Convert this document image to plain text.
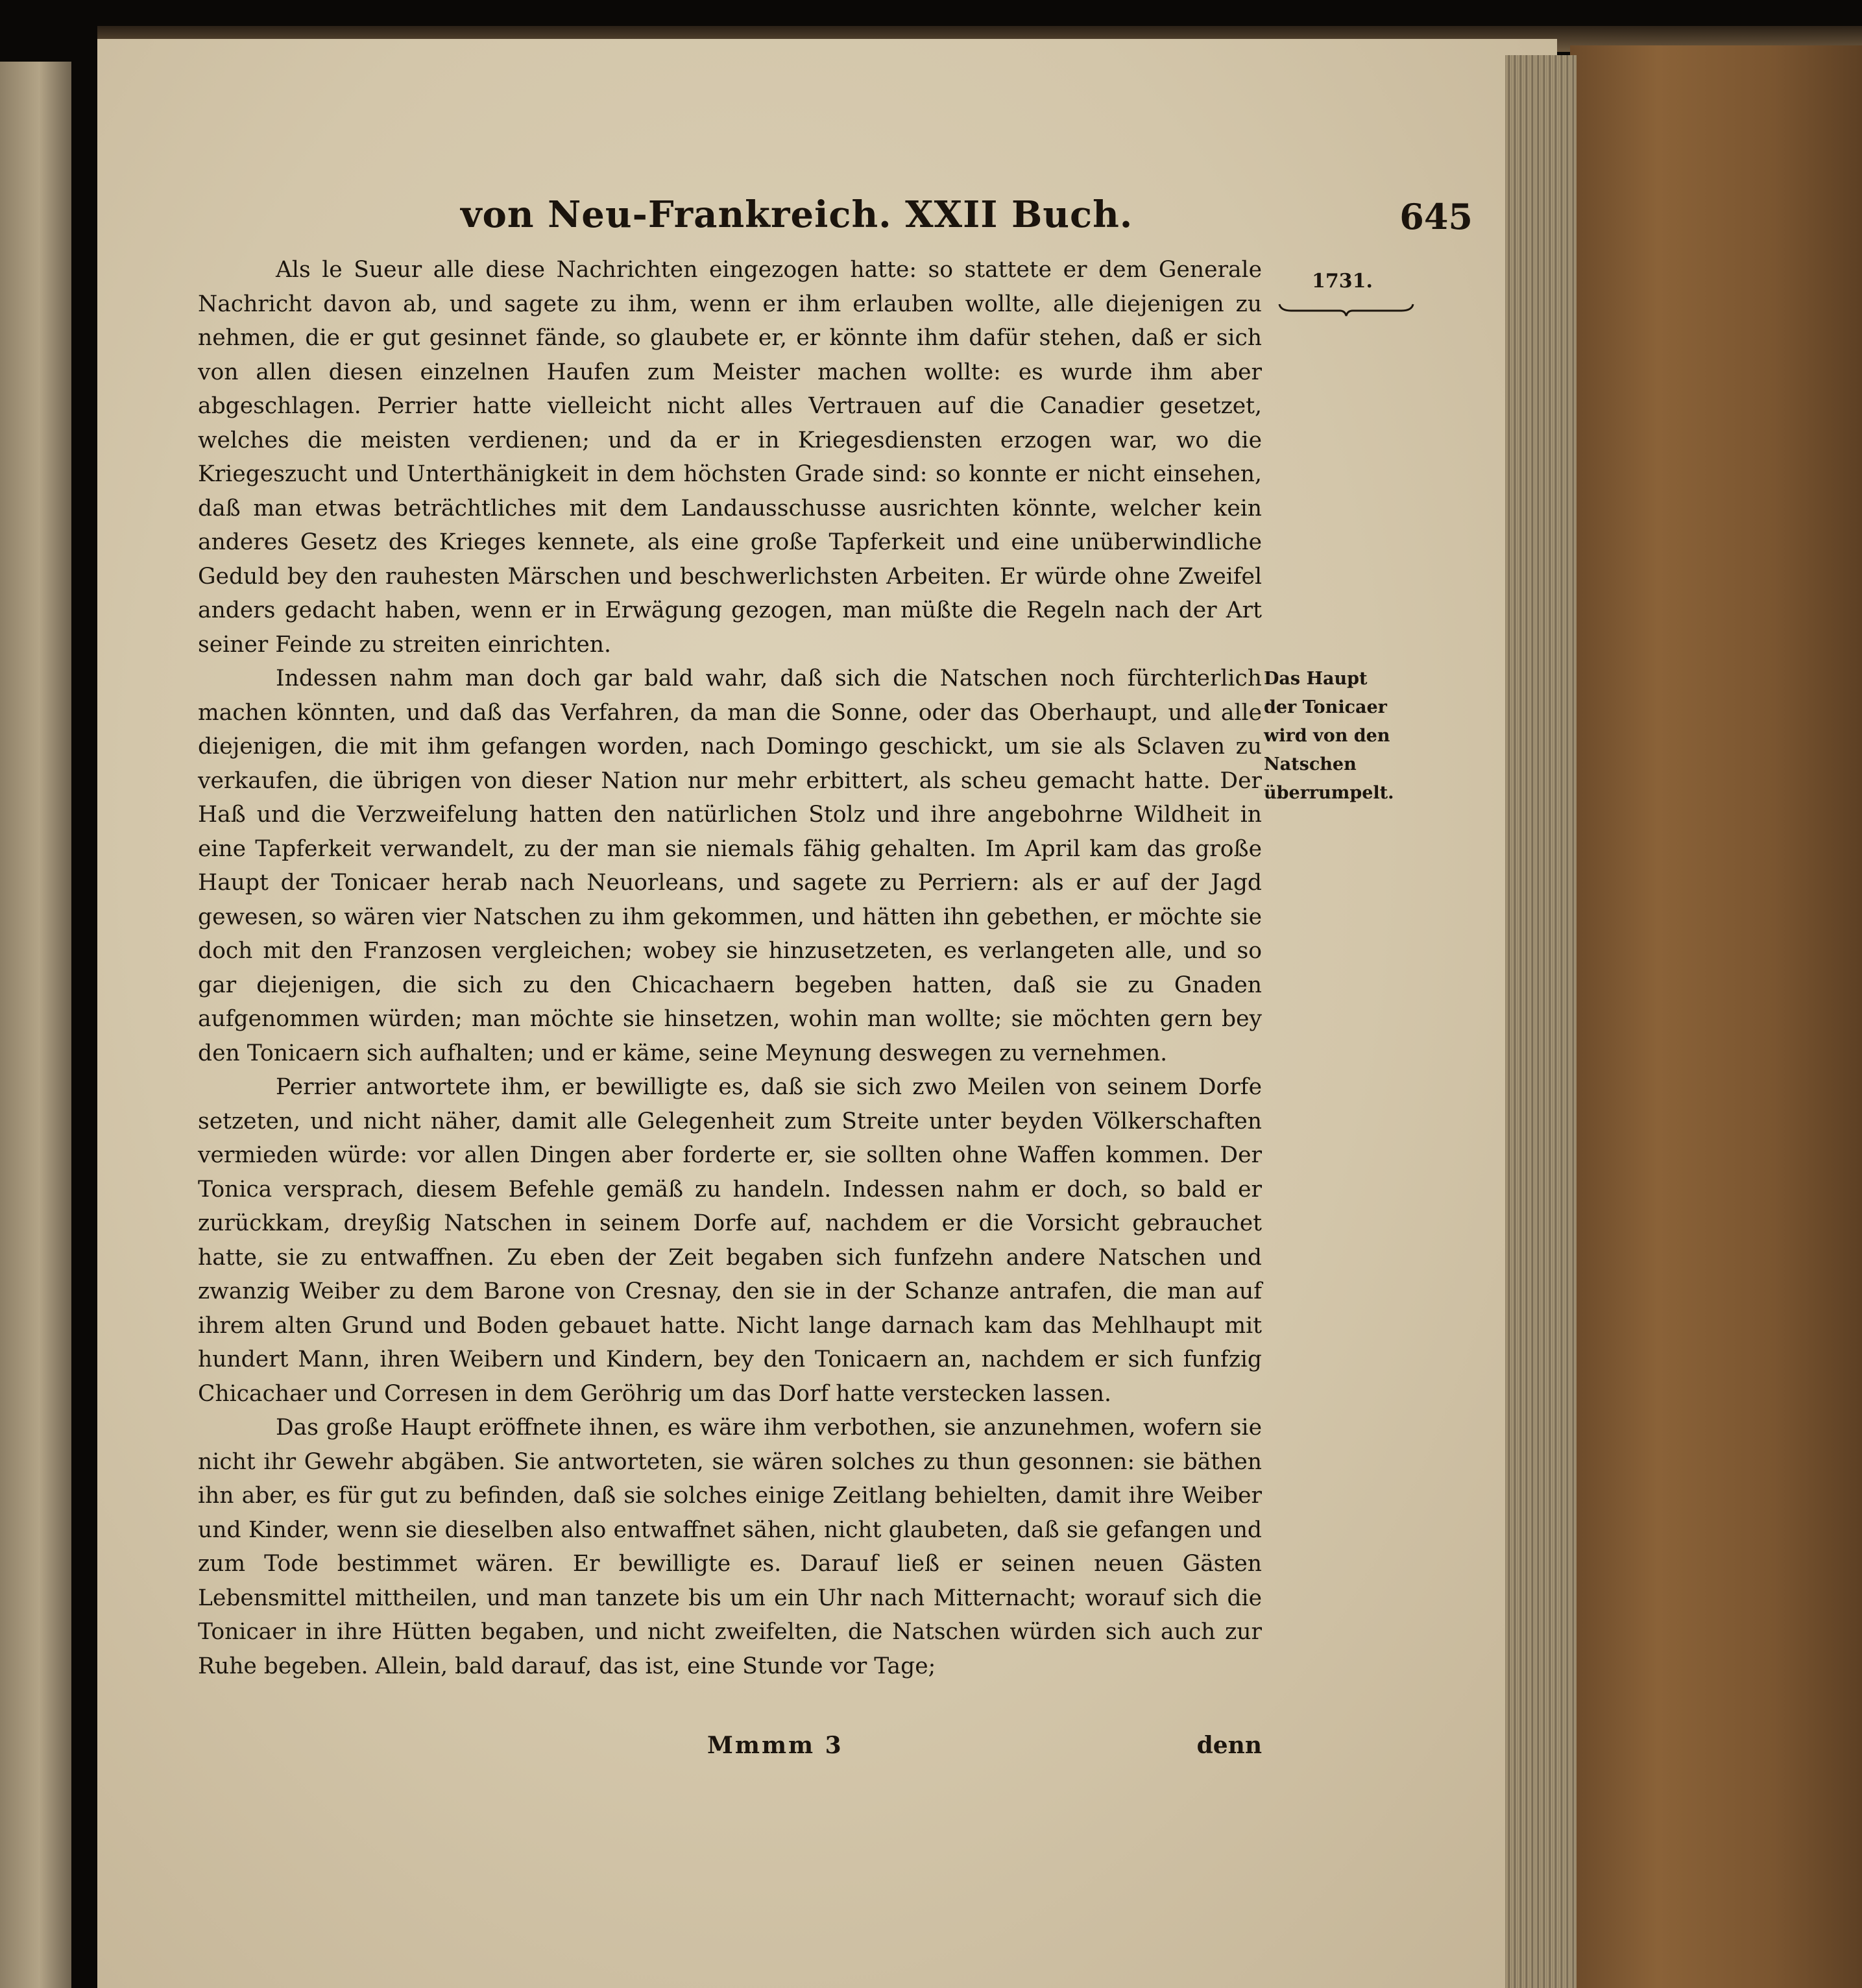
von Neu-Frankreich. XXII Buch.	645
1731.
Das Haupt
der Tonicaer
wird von den
Natschen
überrumpelt.

Als le Sueur alle diese Nachrichten eingezogen hatte: so stattete er dem Generale Nachricht davon ab, und sagete zu ihm, wenn er ihm erlauben wollte, alle diejenigen zu nehmen, die er gut gesinnet fände, so glaubete er, er könnte ihm dafür stehen, daß er sich von allen diesen einzelnen Haufen zum Meister machen wollte: es wurde ihm aber abgeschlagen. Perrier hatte vielleicht nicht alles Vertrauen auf die Canadier gesetzet, welches die meisten verdienen; und da er in Kriegesdiensten erzogen war, wo die Kriegeszucht und Unterthänigkeit in dem höchsten Grade sind: so konnte er nicht einsehen, daß man etwas beträchtliches mit dem Landausschusse ausrichten könnte, welcher kein anderes Gesetz des Krieges kennete, als eine große Tapferkeit und eine unüberwindliche Geduld bey den rauhesten Märschen und beschwerlichsten Arbeiten. Er würde ohne Zweifel anders gedacht haben, wenn er in Erwägung gezogen, man müßte die Regeln nach der Art seiner Feinde zu streiten einrichten.

Indessen nahm man doch gar bald wahr, daß sich die Natschen noch fürchterlich machen könnten, und daß das Verfahren, da man die Sonne, oder das Oberhaupt, und alle diejenigen, die mit ihm gefangen worden, nach Domingo geschickt, um sie als Sclaven zu verkaufen, die übrigen von dieser Nation nur mehr erbittert, als scheu gemacht hatte. Der Haß und die Verzweifelung hatten den natürlichen Stolz und ihre angebohrne Wildheit in eine Tapferkeit verwandelt, zu der man sie niemals fähig gehalten. Im April kam das große Haupt der Tonicaer herab nach Neuorleans, und sagete zu Perriern: als er auf der Jagd gewesen, so wären vier Natschen zu ihm gekommen, und hätten ihn gebethen, er möchte sie doch mit den Franzosen vergleichen; wobey sie hinzusetzeten, es verlangeten alle, und so gar diejenigen, die sich zu den Chicachaern begeben hatten, daß sie zu Gnaden aufgenommen würden; man möchte sie hinsetzen, wohin man wollte; sie möchten gern bey den Tonicaern sich aufhalten; und er käme, seine Meynung deswegen zu vernehmen.

Perrier antwortete ihm, er bewilligte es, daß sie sich zwo Meilen von seinem Dorfe setzeten, und nicht näher, damit alle Gelegenheit zum Streite unter beyden Völkerschaften vermieden würde: vor allen Dingen aber forderte er, sie sollten ohne Waffen kommen. Der Tonica versprach, diesem Befehle gemäß zu handeln. Indessen nahm er doch, so bald er zurückkam, dreyßig Natschen in seinem Dorfe auf, nachdem er die Vorsicht gebrauchet hatte, sie zu entwaffnen. Zu eben der Zeit begaben sich funfzehn andere Natschen und zwanzig Weiber zu dem Barone von Cresnay, den sie in der Schanze antrafen, die man auf ihrem alten Grund und Boden gebauet hatte. Nicht lange darnach kam das Mehlhaupt mit hundert Mann, ihren Weibern und Kindern, bey den Tonicaern an, nachdem er sich funfzig Chicachaer und Corresen in dem Geröhrig um das Dorf hatte verstecken lassen.

Das große Haupt eröffnete ihnen, es wäre ihm verbothen, sie anzunehmen, wofern sie nicht ihr Gewehr abgäben. Sie antworteten, sie wären solches zu thun gesonnen: sie bäthen ihn aber, es für gut zu befinden, daß sie solches einige Zeitlang behielten, damit ihre Weiber und Kinder, wenn sie dieselben also entwaffnet sähen, nicht glaubeten, daß sie gefangen und zum Tode bestimmet wären. Er bewilligte es. Darauf ließ er seinen neuen Gästen Lebensmittel mittheilen, und man tanzete bis um ein Uhr nach Mitternacht; worauf sich die Tonicaer in ihre Hütten begaben, und nicht zweifelten, die Natschen würden sich auch zur Ruhe begeben. Allein, bald darauf, das ist, eine Stunde vor Tage;

Mmmm 3	denn
